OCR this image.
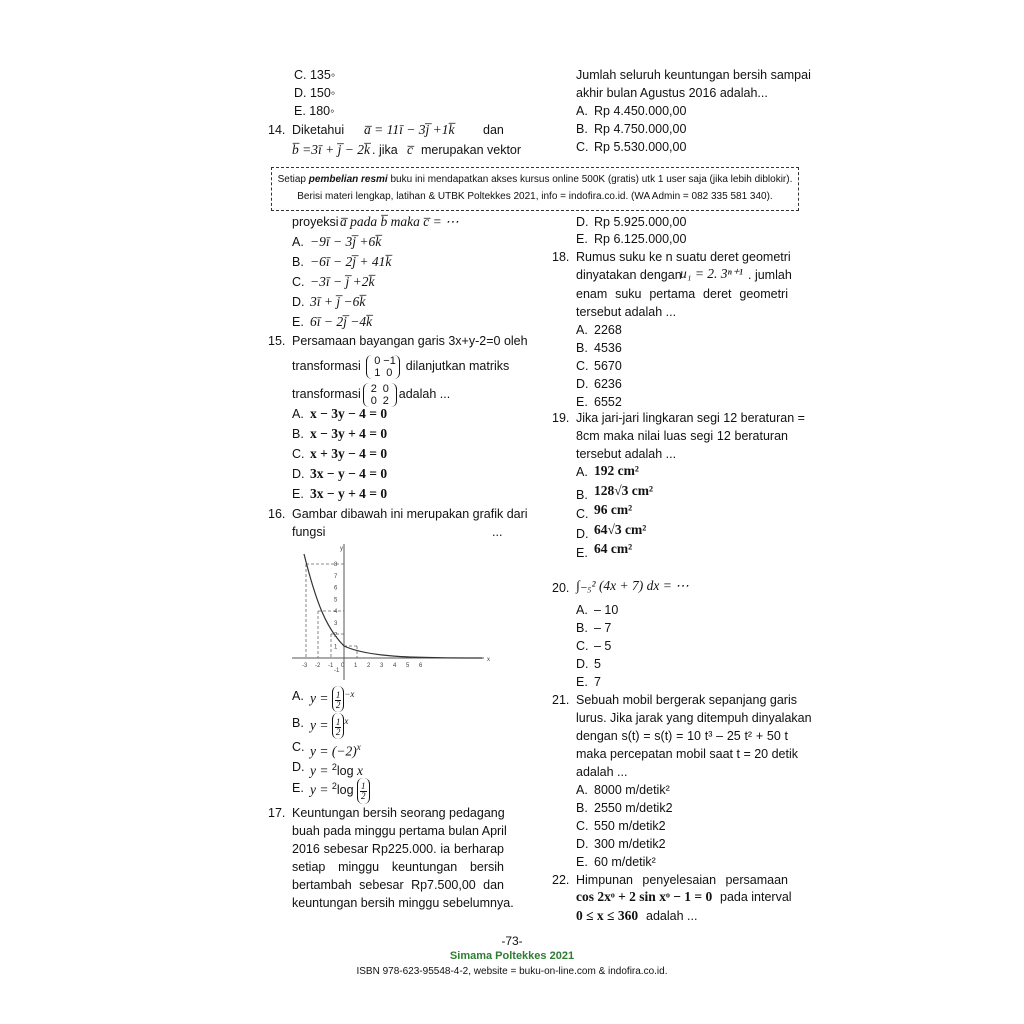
C. 135◦
D. 150◦
E. 180◦
14. Diketahui a̅ = 11ī − 3j̅ +1k̅ dan
b̅ =3ī + j̅ − 2k̅ . jika c̅ merupakan vektor
proyeksi a̅ pada b̅ maka c̅ = ⋯
A. −9ī − 3j̅ +6k̅
B. −6ī − 2j̅ + 41k̅
C. −3ī − j̅ +2k̅
D. 3ī + j̅ −6k̅
E. 6ī − 2j̅ −4k̅
15. Persamaan bayangan garis 3x+y-2=0 oleh
transformasi 0 −1
1 0 dilanjutkan matriks
transformasi 2 0
0 2 adalah ...
A. x − 3y − 4 = 0
B. x − 3y + 4 = 0
C. x + 3y − 4 = 0
D. 3x − y − 4 = 0
E. 3x − y + 4 = 0
16. Gambar dibawah ini merupakan grafik dari
fungsi	...
8
7
6
5
4
3
2
1
-1
-3 -2 -1 0 1 2 3 4 5 6
y
x
A. $y = \frac{1}{2} ^{-x}$
B. $y = \frac{1}{2} ^x$
C. $y = (-2)^x$
D. y = $^2$log x
E. $y = ^2\log \frac{1}{2}$
17. Keuntungan bersih seorang pedagang
buah pada minggu pertama bulan April
2016 sebesar Rp225.000. ia berharap
setiap minggu keuntungan bersih
bertambah sebesar Rp7.500,00 dan
keuntungan bersih minggu sebelumnya.
Jumlah seluruh keuntungan bersih sampai
akhir bulan Agustus 2016 adalah...
A. Rp 4.450.000,00
B. Rp 4.750.000,00
C. Rp 5.530.000,00
D. Rp 5.925.000,00
E. Rp 6.125.000,00
18. Rumus suku ke n suatu deret geometri
dinyatakan dengan
u₁ = 2. 3ⁿ⁺¹ . jumlah
enam suku pertama deret geometri
tersebut adalah ...
A. 2268
B. 4536
C. 5670
D. 6236
E. 6552
19. Jika jari-jari lingkaran segi 12 beraturan =
8cm maka nilai luas segi 12 beraturan
tersebut adalah ...
A. 192 cm²
B. 128√3 cm²
C. 96 cm²
D. 64√3 cm²
E. 64 cm²
20. ∫₋₅² (4x + 7) dx = ⋯
A. – 10
B. – 7
C. – 5
D. 5
E. 7
21. Sebuah mobil bergerak sepanjang garis
lurus. Jika jarak yang ditempuh dinyalakan
dengan s(t) = s(t) = 10 t³ – 25 t² + 50 t
maka percepatan mobil saat t = 20 detik
adalah ...
A. 8000 m/detik²
B. 2550 m/detik2
C. 550 m/detik2
D. 300 m/detik2
E. 60 m/detik²
22. Himpunan penyelesaian persamaan
cos 2xᵒ + 2 sin xᵒ − 1 = 0 pada interval
0 ≤ x ≤ 360 adalah ...
Setiap pembelian resmi buku ini mendapatkan akses kursus online 500K (gratis) utk 1 user saja (jika lebih diblokir).
Berisi materi lengkap, latihan & UTBK Poltekkes 2021, info = indofira.co.id. (WA Admin = 082 335 581 340).
-73-
Simama Poltekkes 2021
ISBN 978-623-95548-4-2, website = buku-on-line.com & indofira.co.id.
